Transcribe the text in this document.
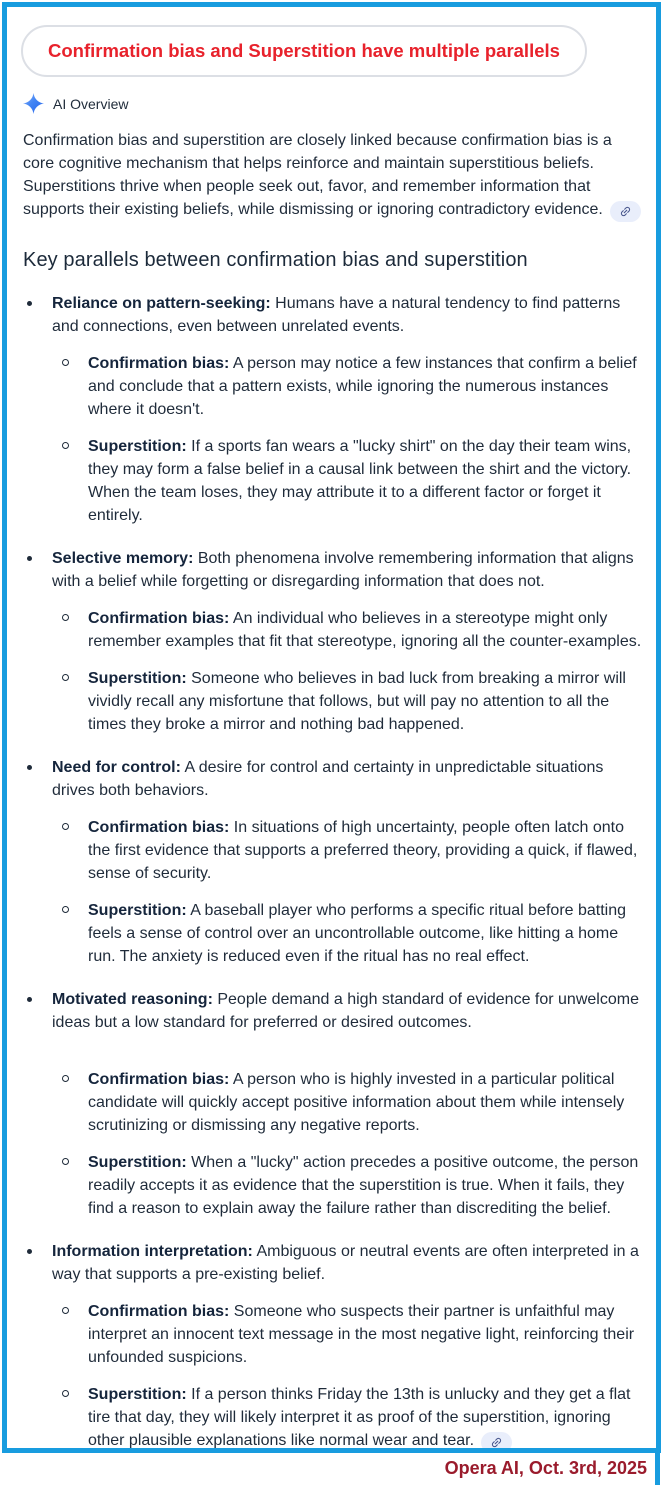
Confirmation bias and Superstition have multiple parallels
AI Overview
Confirmation bias and superstition are closely linked because confirmation bias is a core cognitive mechanism that helps reinforce and maintain superstitious beliefs. Superstitions thrive when people seek out, favor, and remember information that supports their existing beliefs, while dismissing or ignoring contradictory evidence.
Key parallels between confirmation bias and superstition
Reliance on pattern-seeking: Humans have a natural tendency to find patterns and connections, even between unrelated events.
Confirmation bias: A person may notice a few instances that confirm a belief and conclude that a pattern exists, while ignoring the numerous instances where it doesn't.
Superstition: If a sports fan wears a "lucky shirt" on the day their team wins, they may form a false belief in a causal link between the shirt and the victory. When the team loses, they may attribute it to a different factor or forget it entirely.
Selective memory: Both phenomena involve remembering information that aligns with a belief while forgetting or disregarding information that does not.
Confirmation bias: An individual who believes in a stereotype might only remember examples that fit that stereotype, ignoring all the counter-examples.
Superstition: Someone who believes in bad luck from breaking a mirror will vividly recall any misfortune that follows, but will pay no attention to all the times they broke a mirror and nothing bad happened.
Need for control: A desire for control and certainty in unpredictable situations drives both behaviors.
Confirmation bias: In situations of high uncertainty, people often latch onto the first evidence that supports a preferred theory, providing a quick, if flawed, sense of security.
Superstition: A baseball player who performs a specific ritual before batting feels a sense of control over an uncontrollable outcome, like hitting a home run. The anxiety is reduced even if the ritual has no real effect.
Motivated reasoning: People demand a high standard of evidence for unwelcome ideas but a low standard for preferred or desired outcomes.
Confirmation bias: A person who is highly invested in a particular political candidate will quickly accept positive information about them while intensely scrutinizing or dismissing any negative reports.
Superstition: When a "lucky" action precedes a positive outcome, the person readily accepts it as evidence that the superstition is true. When it fails, they find a reason to explain away the failure rather than discrediting the belief.
Information interpretation: Ambiguous or neutral events are often interpreted in a way that supports a pre-existing belief.
Confirmation bias: Someone who suspects their partner is unfaithful may interpret an innocent text message in the most negative light, reinforcing their unfounded suspicions.
Superstition: If a person thinks Friday the 13th is unlucky and they get a flat tire that day, they will likely interpret it as proof of the superstition, ignoring other plausible explanations like normal wear and tear.
Opera AI, Oct. 3rd, 2025
